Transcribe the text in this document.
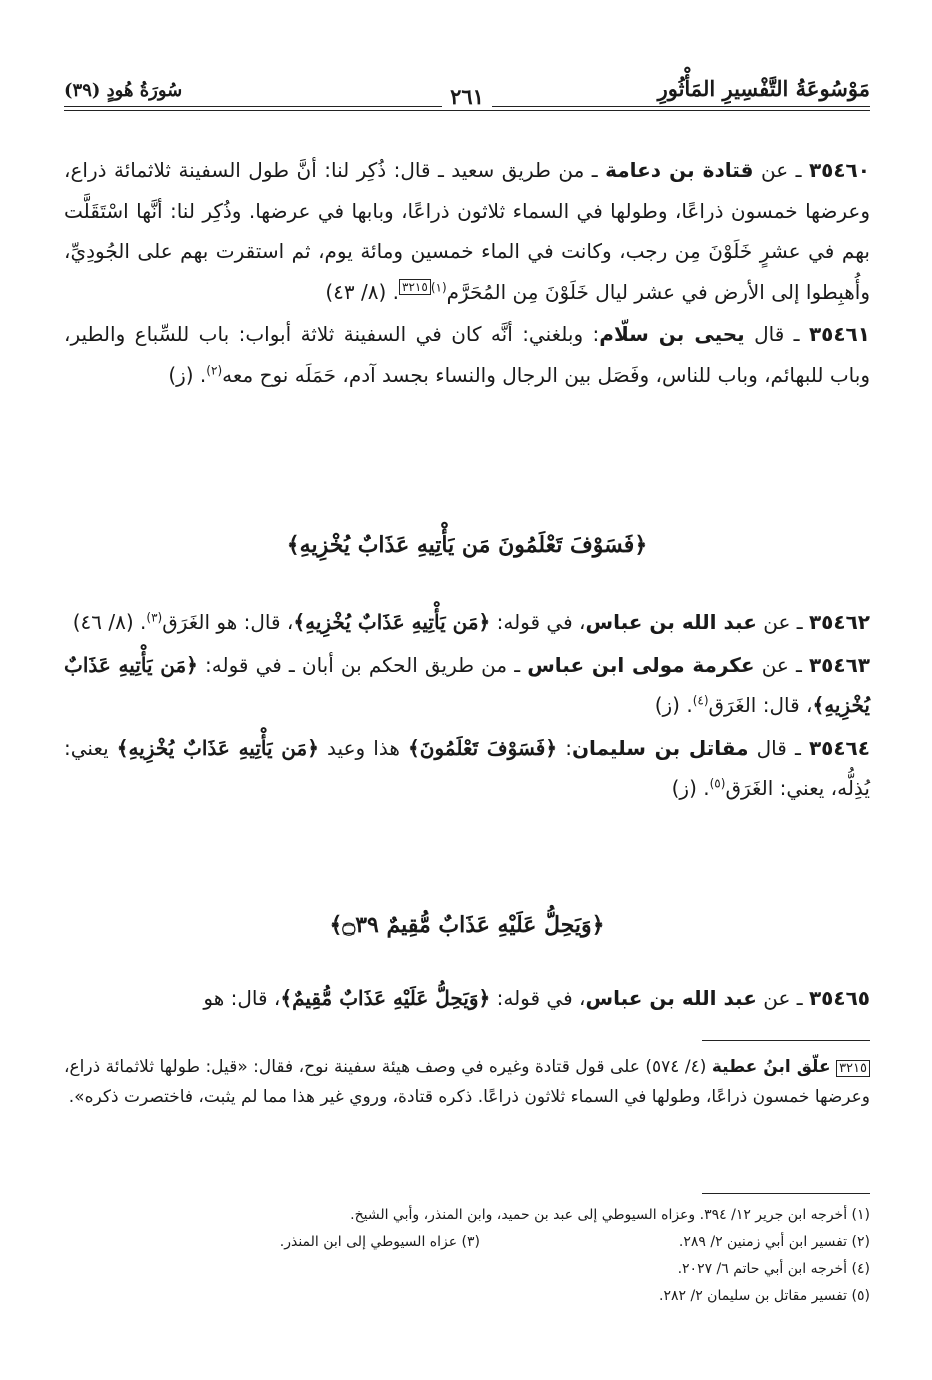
مَوْسُوعَةُ التَّفْسِيرِ المَأْثُورِ
٢٦١
سُورَةُ هُودٍ (٣٩)

٣٥٤٦٠ ـ عن قتادة بن دعامة ـ من طريق سعيد ـ قال: ذُكِر لنا: أنَّ طول السفينة ثلاثمائة ذراع، وعرضها خمسون ذراعًا، وطولها في السماء ثلاثون ذراعًا، وبابها في عرضها. وذُكِر لنا: أنَّها اسْتَقَلَّت بهم في عشرٍ خَلَوْنَ مِن رجب، وكانت في الماء خمسين ومائة يوم، ثم استقرت بهم على الجُودِيِّ، وأُهبِطوا إلى الأرض في عشر ليال خَلَوْنَ مِن المُحَرَّم$^{(١)٣٢١٥}$. (٨/ ٤٣)

٣٥٤٦١ ـ قال يحيى بن سلّام: وبلغني: أنَّه كان في السفينة ثلاثة أبواب: باب للسِّباع والطير، وباب للبهائم، وباب للناس، وفَصَل بين الرجال والنساء بجسد آدم، حَمَلَه نوح معه$^{(٢)}$. (ز)

﴿فَسَوْفَ تَعْلَمُونَ مَن يَأْتِيهِ عَذَابٌ يُخْزِيهِ﴾

٣٥٤٦٢ ـ عن عبد الله بن عباس، في قوله: ﴿مَن يَأْتِيهِ عَذَابٌ يُخْزِيهِ﴾، قال: هو الغَرَق$^{(٣)}$. (٨/ ٤٦)

٣٥٤٦٣ ـ عن عكرمة مولى ابن عباس ـ من طريق الحكم بن أبان ـ في قوله: ﴿مَن يَأْتِيهِ عَذَابٌ يُخْزِيهِ﴾، قال: الغَرَق$^{(٤)}$. (ز)

٣٥٤٦٤ ـ قال مقاتل بن سليمان: ﴿فَسَوْفَ تَعْلَمُونَ﴾ هذا وعيد ﴿مَن يَأْتِيهِ عَذَابٌ يُخْزِيهِ﴾ يعني: يُذِلُّه، يعني: الغَرَق$^{(٥)}$. (ز)

﴿وَيَحِلُّ عَلَيْهِ عَذَابٌ مُّقِيمٌ ۝٣٩﴾

٣٥٤٦٥ ـ عن عبد الله بن عباس، في قوله: ﴿وَيَحِلُّ عَلَيْهِ عَذَابٌ مُّقِيمٌ﴾، قال: هو

٣٢١٥ علّق ابنُ عطية (٤/ ٥٧٤) على قول قتادة وغيره في وصف هيئة سفينة نوح، فقال: «قيل: طولها ثلاثمائة ذراع، وعرضها خمسون ذراعًا، وطولها في السماء ثلاثون ذراعًا. ذكره قتادة، وروي غير هذا مما لم يثبت، فاختصرت ذكره».
(١) أخرجه ابن جرير ١٢/ ٣٩٤. وعزاه السيوطي إلى عبد بن حميد، وابن المنذر، وأبي الشيخ.
(٢) تفسير ابن أبي زمنين ٢/ ٢٨٩.
(٣) عزاه السيوطي إلى ابن المنذر.
(٤) أخرجه ابن أبي حاتم ٦/ ٢٠٢٧.
(٥) تفسير مقاتل بن سليمان ٢/ ٢٨٢.
